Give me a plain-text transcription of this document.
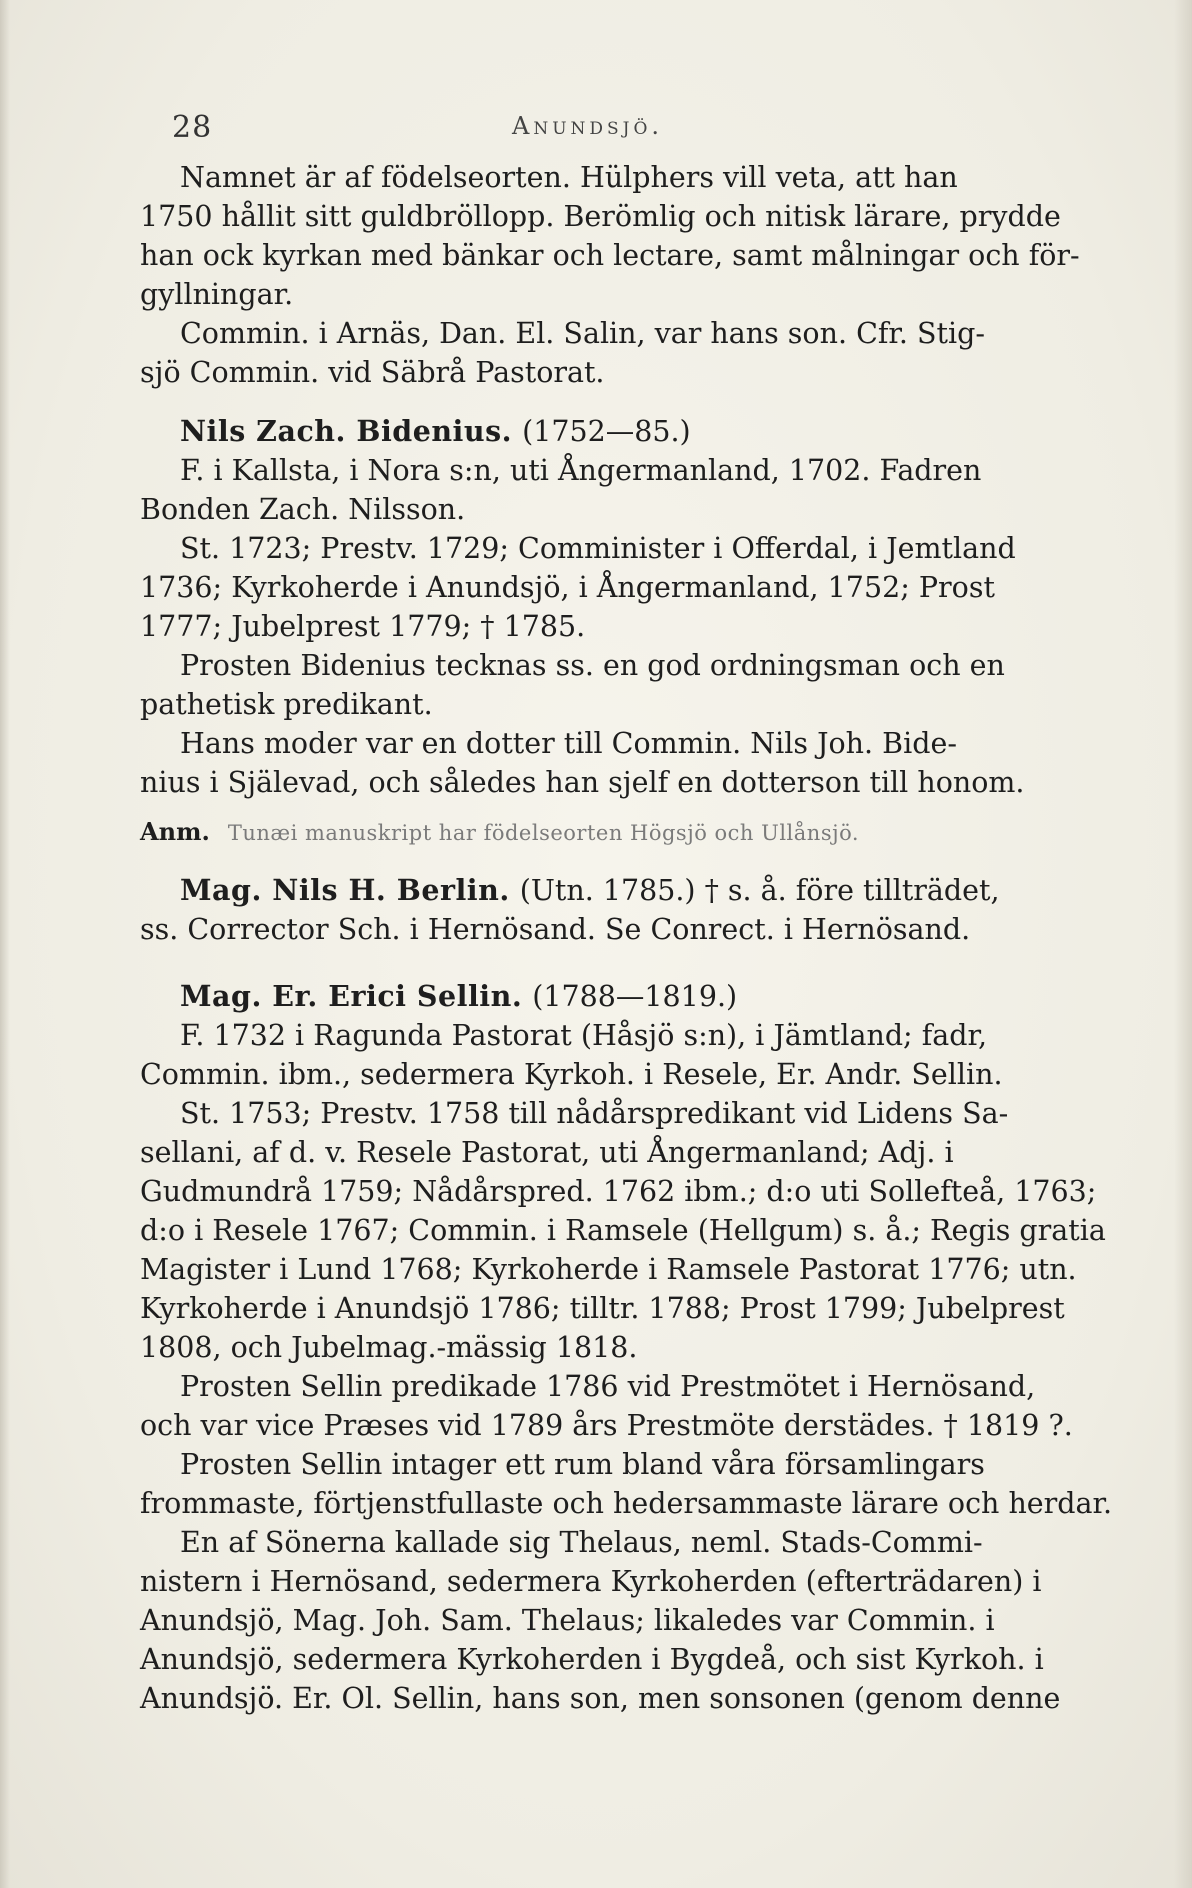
28	Anundsjö.
Namnet är af födelseorten. Hülphers vill veta, att han
1750 hållit sitt guldbröllopp. Berömlig och nitisk lärare, prydde
han ock kyrkan med bänkar och lectare, samt målningar och för-
gyllningar.
Commin. i Arnäs, Dan. El. Salin, var hans son. Cfr. Stig-
sjö Commin. vid Säbrå Pastorat.
Nils Zach. Bidenius. (1752—85.)
F. i Kallsta, i Nora s:n, uti Ångermanland, 1702. Fadren
Bonden Zach. Nilsson.
St. 1723; Prestv. 1729; Comminister i Offerdal, i Jemtland
1736; Kyrkoherde i Anundsjö, i Ångermanland, 1752; Prost
1777; Jubelprest 1779; † 1785.
Prosten Bidenius tecknas ss. en god ordningsman och en
pathetisk predikant.
Hans moder var en dotter till Commin. Nils Joh. Bide-
nius i Själevad, och således han sjelf en dotterson till honom.
Anm. Tunæi manuskript har födelseorten Högsjö och Ullånsjö.
Mag. Nils H. Berlin. (Utn. 1785.) † s. å. före tillträdet,
ss. Corrector Sch. i Hernösand. Se Conrect. i Hernösand.
Mag. Er. Erici Sellin. (1788—1819.)
F. 1732 i Ragunda Pastorat (Håsjö s:n), i Jämtland; fadr,
Commin. ibm., sedermera Kyrkoh. i Resele, Er. Andr. Sellin.
St. 1753; Prestv. 1758 till nådårspredikant vid Lidens Sa-
sellani, af d. v. Resele Pastorat, uti Ångermanland; Adj. i
Gudmundrå 1759; Nådårspred. 1762 ibm.; d:o uti Sollefteå, 1763;
d:o i Resele 1767; Commin. i Ramsele (Hellgum) s. å.; Regis gratia
Magister i Lund 1768; Kyrkoherde i Ramsele Pastorat 1776; utn.
Kyrkoherde i Anundsjö 1786; tilltr. 1788; Prost 1799; Jubelprest
1808, och Jubelmag.-mässig 1818.
Prosten Sellin predikade 1786 vid Prestmötet i Hernösand,
och var vice Præses vid 1789 års Prestmöte derstädes. † 1819 ?.
Prosten Sellin intager ett rum bland våra församlingars
frommaste, förtjenstfullaste och hedersammaste lärare och herdar.
En af Sönerna kallade sig Thelaus, neml. Stads-Commi-
nistern i Hernösand, sedermera Kyrkoherden (efterträdaren) i
Anundsjö, Mag. Joh. Sam. Thelaus; likaledes var Commin. i
Anundsjö, sedermera Kyrkoherden i Bygdeå, och sist Kyrkoh. i
Anundsjö. Er. Ol. Sellin, hans son, men sonsonen (genom denne
